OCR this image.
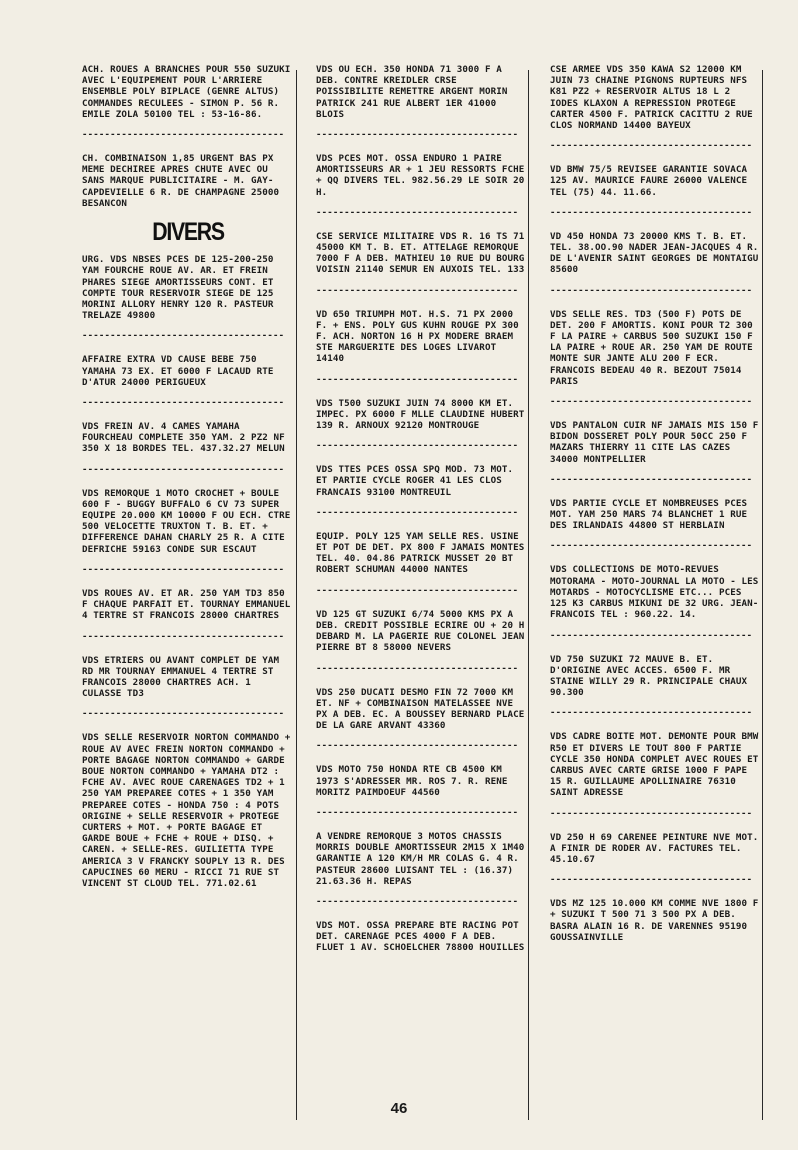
ACH. ROUES A BRANCHES POUR 550 SUZUKI AVEC L'EQUIPEMENT POUR L'ARRIERE ENSEMBLE POLY BIPLACE (GENRE ALTUS) COMMANDES RECULEES - SIMON P. 56 R. EMILE ZOLA 50100 TEL : 53-16-86.

------------------------------------

CH. COMBINAISON 1,85 URGENT BAS PX MEME DECHIREE APRES CHUTE AVEC OU SANS MARQUE PUBLICITAIRE - M. GAY-CAPDEVIELLE 6 R. DE CHAMPAGNE 25000 BESANCON

DIVERS

URG. VDS NBSES PCES DE 125-200-250 YAM FOURCHE ROUE AV. AR. ET FREIN PHARES SIEGE AMORTISSEURS CONT. ET COMPTE TOUR RESERVOIR SIEGE DE 125 MORINI ALLORY HENRY 120 R. PASTEUR TRELAZE 49800

------------------------------------

AFFAIRE EXTRA VD CAUSE BEBE 750 YAMAHA 73 EX. ET 6000 F LACAUD RTE D'ATUR 24000 PERIGUEUX

------------------------------------

VDS FREIN AV. 4 CAMES YAMAHA FOURCHEAU COMPLETE 350 YAM. 2 PZ2 NF 350 X 18 BORDES TEL. 437.32.27 MELUN

------------------------------------

VDS REMORQUE 1 MOTO CROCHET + BOULE 600 F - BUGGY BUFFALO 6 CV 73 SUPER EQUIPE 20.000 KM 10000 F OU ECH. CTRE 500 VELOCETTE TRUXTON T. B. ET. + DIFFERENCE DAHAN CHARLY 25 R. A CITE DEFRICHE 59163 CONDE SUR ESCAUT

------------------------------------

VDS ROUES AV. ET AR. 250 YAM TD3 850 F CHAQUE PARFAIT ET. TOURNAY EMMANUEL 4 TERTRE ST FRANCOIS 28000 CHARTRES

------------------------------------

VDS ETRIERS OU AVANT COMPLET DE YAM RD MR TOURNAY EMMANUEL 4 TERTRE ST FRANCOIS 28000 CHARTRES ACH. 1 CULASSE TD3

------------------------------------

VDS SELLE RESERVOIR NORTON COMMANDO + ROUE AV AVEC FREIN NORTON COMMANDO + PORTE BAGAGE NORTON COMMANDO + GARDE BOUE NORTON COMMANDO + YAMAHA DT2 : FCHE AV. AVEC ROUE CARENAGES TD2 + 1 250 YAM PREPAREE COTES + 1 350 YAM PREPAREE COTES - HONDA 750 : 4 POTS ORIGINE + SELLE RESERVOIR + PROTEGE CURTERS + MOT. + PORTE BAGAGE ET GARDE BOUE + FCHE + ROUE + DISQ. + CAREN. + SELLE-RES. GUILIETTA TYPE AMERICA 3 V FRANCKY SOUPLY 13 R. DES CAPUCINES 60 MERU - RICCI 71 RUE ST VINCENT ST CLOUD TEL. 771.02.61

VDS OU ECH. 350 HONDA 71 3000 F A DEB. CONTRE KREIDLER CRSE POISSIBILITE REMETTRE ARGENT MORIN PATRICK 241 RUE ALBERT 1ER 41000 BLOIS

------------------------------------

VDS PCES MOT. OSSA ENDURO 1 PAIRE AMORTISSEURS AR + 1 JEU RESSORTS FCHE + QQ DIVERS TEL. 982.56.29 LE SOIR 20 H.

------------------------------------

CSE SERVICE MILITAIRE VDS R. 16 TS 71 45000 KM T. B. ET. ATTELAGE REMORQUE 7000 F A DEB. MATHIEU 10 RUE DU BOURG VOISIN 21140 SEMUR EN AUXOIS TEL. 133

------------------------------------

VD 650 TRIUMPH MOT. H.S. 71 PX 2000 F. + ENS. POLY GUS KUHN ROUGE PX 300 F. ACH. NORTON 16 H PX MODERE BRAEM STE MARGUERITE DES LOGES LIVAROT 14140

------------------------------------

VDS T500 SUZUKI JUIN 74 8000 KM ET. IMPEC. PX 6000 F MLLE CLAUDINE HUBERT 139 R. ARNOUX 92120 MONTROUGE

------------------------------------

VDS TTES PCES OSSA SPQ MOD. 73 MOT. ET PARTIE CYCLE ROGER 41 LES CLOS FRANCAIS 93100 MONTREUIL

------------------------------------

EQUIP. POLY 125 YAM SELLE RES. USINE ET POT DE DET. PX 800 F JAMAIS MONTES TEL. 40. 04.86 PATRICK MUSSET 20 BT ROBERT SCHUMAN 44000 NANTES

------------------------------------

VD 125 GT SUZUKI 6/74 5000 KMS PX A DEB. CREDIT POSSIBLE ECRIRE OU + 20 H DEBARD M. LA PAGERIE RUE COLONEL JEAN PIERRE BT 8 58000 NEVERS

------------------------------------

VDS 250 DUCATI DESMO FIN 72 7000 KM ET. NF + COMBINAISON MATELASSEE NVE PX A DEB. EC. A BOUSSEY BERNARD PLACE DE LA GARE ARVANT 43360

------------------------------------

VDS MOTO 750 HONDA RTE CB 4500 KM 1973 S'ADRESSER MR. ROS 7. R. RENE MORITZ PAIMDOEUF 44560

------------------------------------

A VENDRE REMORQUE 3 MOTOS CHASSIS MORRIS DOUBLE AMORTISSEUR 2M15 X 1M40 GARANTIE A 120 KM/H MR COLAS G. 4 R. PASTEUR 28600 LUISANT TEL : (16.37) 21.63.36 H. REPAS

------------------------------------

VDS MOT. OSSA PREPARE BTE RACING POT DET. CARENAGE PCES 4000 F A DEB. FLUET 1 AV. SCHOELCHER 78800 HOUILLES

CSE ARMEE VDS 350 KAWA S2 12000 KM JUIN 73 CHAINE PIGNONS RUPTEURS NFS K81 PZ2 + RESERVOIR ALTUS 18 L 2 IODES KLAXON A REPRESSION PROTEGE CARTER 4500 F. PATRICK CACITTU 2 RUE CLOS NORMAND 14400 BAYEUX

------------------------------------

VD BMW 75/5 REVISEE GARANTIE SOVACA 125 AV. MAURICE FAURE 26000 VALENCE TEL (75) 44. 11.66.

------------------------------------

VD 450 HONDA 73 20000 KMS T. B. ET. TEL. 38.OO.90 NADER JEAN-JACQUES 4 R. DE L'AVENIR SAINT GEORGES DE MONTAIGU 85600

------------------------------------

VDS SELLE RES. TD3 (500 F) POTS DE DET. 200 F AMORTIS. KONI POUR T2 300 F LA PAIRE + CARBUS 500 SUZUKI 150 F LA PAIRE + ROUE AR. 250 YAM DE ROUTE MONTE SUR JANTE ALU 200 F ECR. FRANCOIS BEDEAU 40 R. BEZOUT 75014 PARIS

------------------------------------

VDS PANTALON CUIR NF JAMAIS MIS 150 F BIDON DOSSERET POLY POUR 50CC 250 F MAZARS THIERRY 11 CITE LAS CAZES 34000 MONTPELLIER

------------------------------------

VDS PARTIE CYCLE ET NOMBREUSES PCES MOT. YAM 250 MARS 74 BLANCHET 1 RUE DES IRLANDAIS 44800 ST HERBLAIN

------------------------------------

VDS COLLECTIONS DE MOTO-REVUES MOTORAMA - MOTO-JOURNAL LA MOTO - LES MOTARDS - MOTOCYCLISME ETC... PCES 125 K3 CARBUS MIKUNI DE 32 URG. JEAN-FRANCOIS TEL : 960.22. 14.

------------------------------------

VD 750 SUZUKI 72 MAUVE B. ET. D'ORIGINE AVEC ACCES. 6500 F. MR STAINE WILLY 29 R. PRINCIPALE CHAUX 90.300

------------------------------------

VDS CADRE BOITE MOT. DEMONTE POUR BMW R50 ET DIVERS LE TOUT 800 F PARTIE CYCLE 350 HONDA COMPLET AVEC ROUES ET CARBUS AVEC CARTE GRISE 1000 F PAPE 15 R. GUILLAUME APOLLINAIRE 76310 SAINT ADRESSE

------------------------------------

VD 250 H 69 CARENEE PEINTURE NVE MOT. A FINIR DE RODER AV. FACTURES TEL. 45.10.67

------------------------------------

VDS MZ 125 10.000 KM COMME NVE 1800 F + SUZUKI T 500 71 3 500 PX A DEB. BASRA ALAIN 16 R. DE VARENNES 95190 GOUSSAINVILLE

46
